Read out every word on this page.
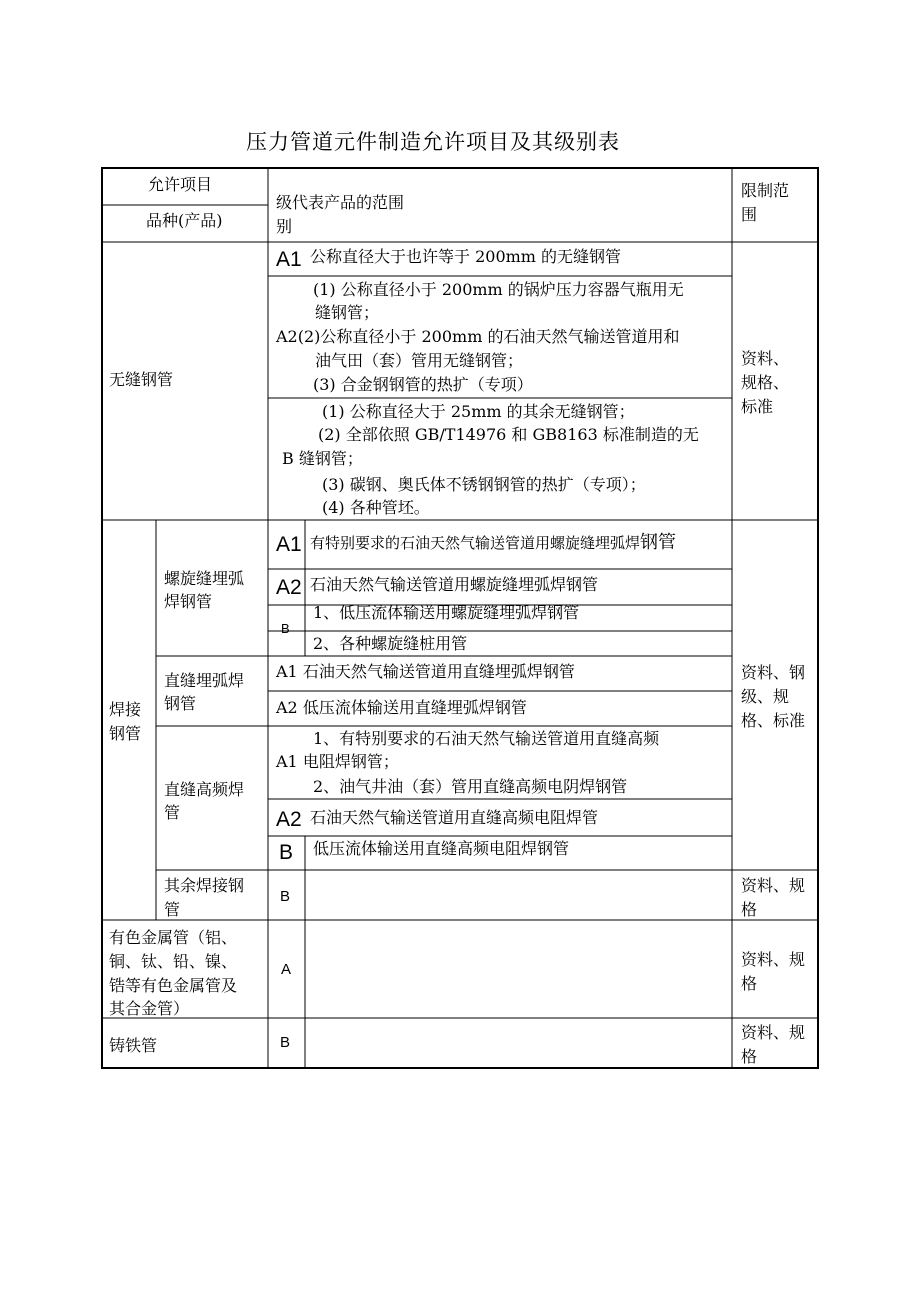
压力管道元件制造允许项目及其级别表
允许项目
品种(产品)
级代表产品的范围
别
限制范
围
无缝钢管
A1 公称直径大于也许等于 200mm 的无缝钢管
(1) 公称直径小于 200mm 的锅炉压力容器气瓶用无
缝钢管；
A2(2)公称直径小于 200mm 的石油天然气输送管道用和
油气田（套）管用无缝钢管；
(3) 合金钢钢管的热扩（专项）
(1) 公称直径大于 25mm 的其余无缝钢管；
(2) 全部依照 GB/T14976 和 GB8163 标准制造的无
B 缝钢管；
(3) 碳钢、奥氏体不锈钢钢管的热扩（专项）；
(4) 各种管坯。
资料、
规格、
标准
焊接
钢管
螺旋缝埋弧
焊钢管
A1 有特别要求的石油天然气输送管道用螺旋缝埋弧焊钢管
A2 石油天然气输送管道用螺旋缝埋弧焊钢管
B
1、低压流体输送用螺旋缝埋弧焊钢管
2、各种螺旋缝桩用管
直缝埋弧焊
钢管
A1 石油天然气输送管道用直缝埋弧焊钢管
A2 低压流体输送用直缝埋弧焊钢管
直缝高频焊
管
1、有特别要求的石油天然气输送管道用直缝高频
A1 电阻焊钢管；
2、油气井油（套）管用直缝高频电阴焊钢管
A2 石油天然气输送管道用直缝高频电阻焊管
B 低压流体输送用直缝高频电阻焊钢管
资料、钢
级、规
格、标准
其余焊接钢
管
B
资料、规
格
有色金属管（铝、
铜、钛、铅、镍、
锆等有色金属管及
其合金管）
A
资料、规
格
铸铁管	B
资料、规
格
